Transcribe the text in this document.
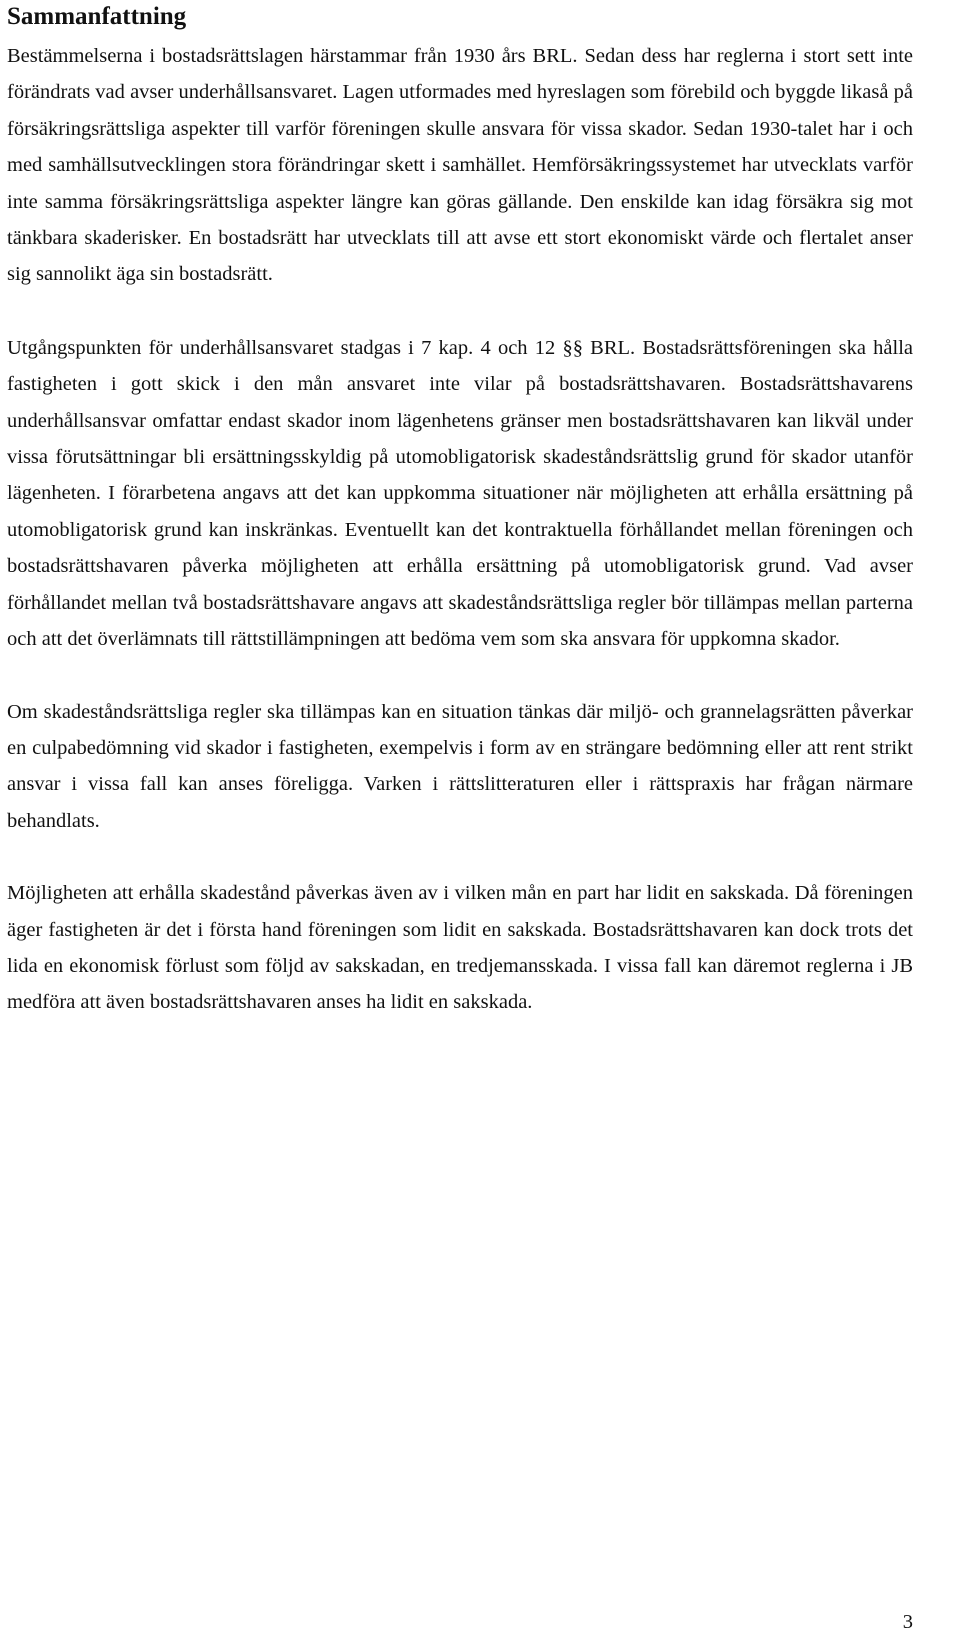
Sammanfattning

Bestämmelserna i bostadsrättslagen härstammar från 1930 års BRL. Sedan dess har reglerna i stort sett inte förändrats vad avser underhållsansvaret. Lagen utformades med hyreslagen som förebild och byggde likaså på försäkringsrättsliga aspekter till varför föreningen skulle ansvara för vissa skador. Sedan 1930-talet har i och med samhällsutvecklingen stora förändringar skett i samhället. Hemförsäkringssystemet har utvecklats varför inte samma försäkringsrättsliga aspekter längre kan göras gällande. Den enskilde kan idag försäkra sig mot tänkbara skaderisker. En bostadsrätt har utvecklats till att avse ett stort ekonomiskt värde och flertalet anser sig sannolikt äga sin bostadsrätt.

Utgångspunkten för underhållsansvaret stadgas i 7 kap. 4 och 12 §§ BRL. Bostadsrättsföreningen ska hålla fastigheten i gott skick i den mån ansvaret inte vilar på bostadsrättshavaren. Bostadsrättshavarens underhållsansvar omfattar endast skador inom lägenhetens gränser men bostadsrättshavaren kan likväl under vissa förutsättningar bli ersättningsskyldig på utomobligatorisk skadeståndsrättslig grund för skador utanför lägenheten. I förarbetena angavs att det kan uppkomma situationer när möjligheten att erhålla ersättning på utomobligatorisk grund kan inskränkas. Eventuellt kan det kontraktuella förhållandet mellan föreningen och bostadsrättshavaren påverka möjligheten att erhålla ersättning på utomobligatorisk grund. Vad avser förhållandet mellan två bostadsrättshavare angavs att skadeståndsrättsliga regler bör tillämpas mellan parterna och att det överlämnats till rättstillämpningen att bedöma vem som ska ansvara för uppkomna skador.

Om skadeståndsrättsliga regler ska tillämpas kan en situation tänkas där miljö- och grannelagsrätten påverkar en culpabedömning vid skador i fastigheten, exempelvis i form av en strängare bedömning eller att rent strikt ansvar i vissa fall kan anses föreligga. Varken i rättslitteraturen eller i rättspraxis har frågan närmare behandlats.

Möjligheten att erhålla skadestånd påverkas även av i vilken mån en part har lidit en sakskada. Då föreningen äger fastigheten är det i första hand föreningen som lidit en sakskada. Bostadsrättshavaren kan dock trots det lida en ekonomisk förlust som följd av sakskadan, en tredjemansskada. I vissa fall kan däremot reglerna i JB medföra att även bostadsrättshavaren anses ha lidit en sakskada.

3
